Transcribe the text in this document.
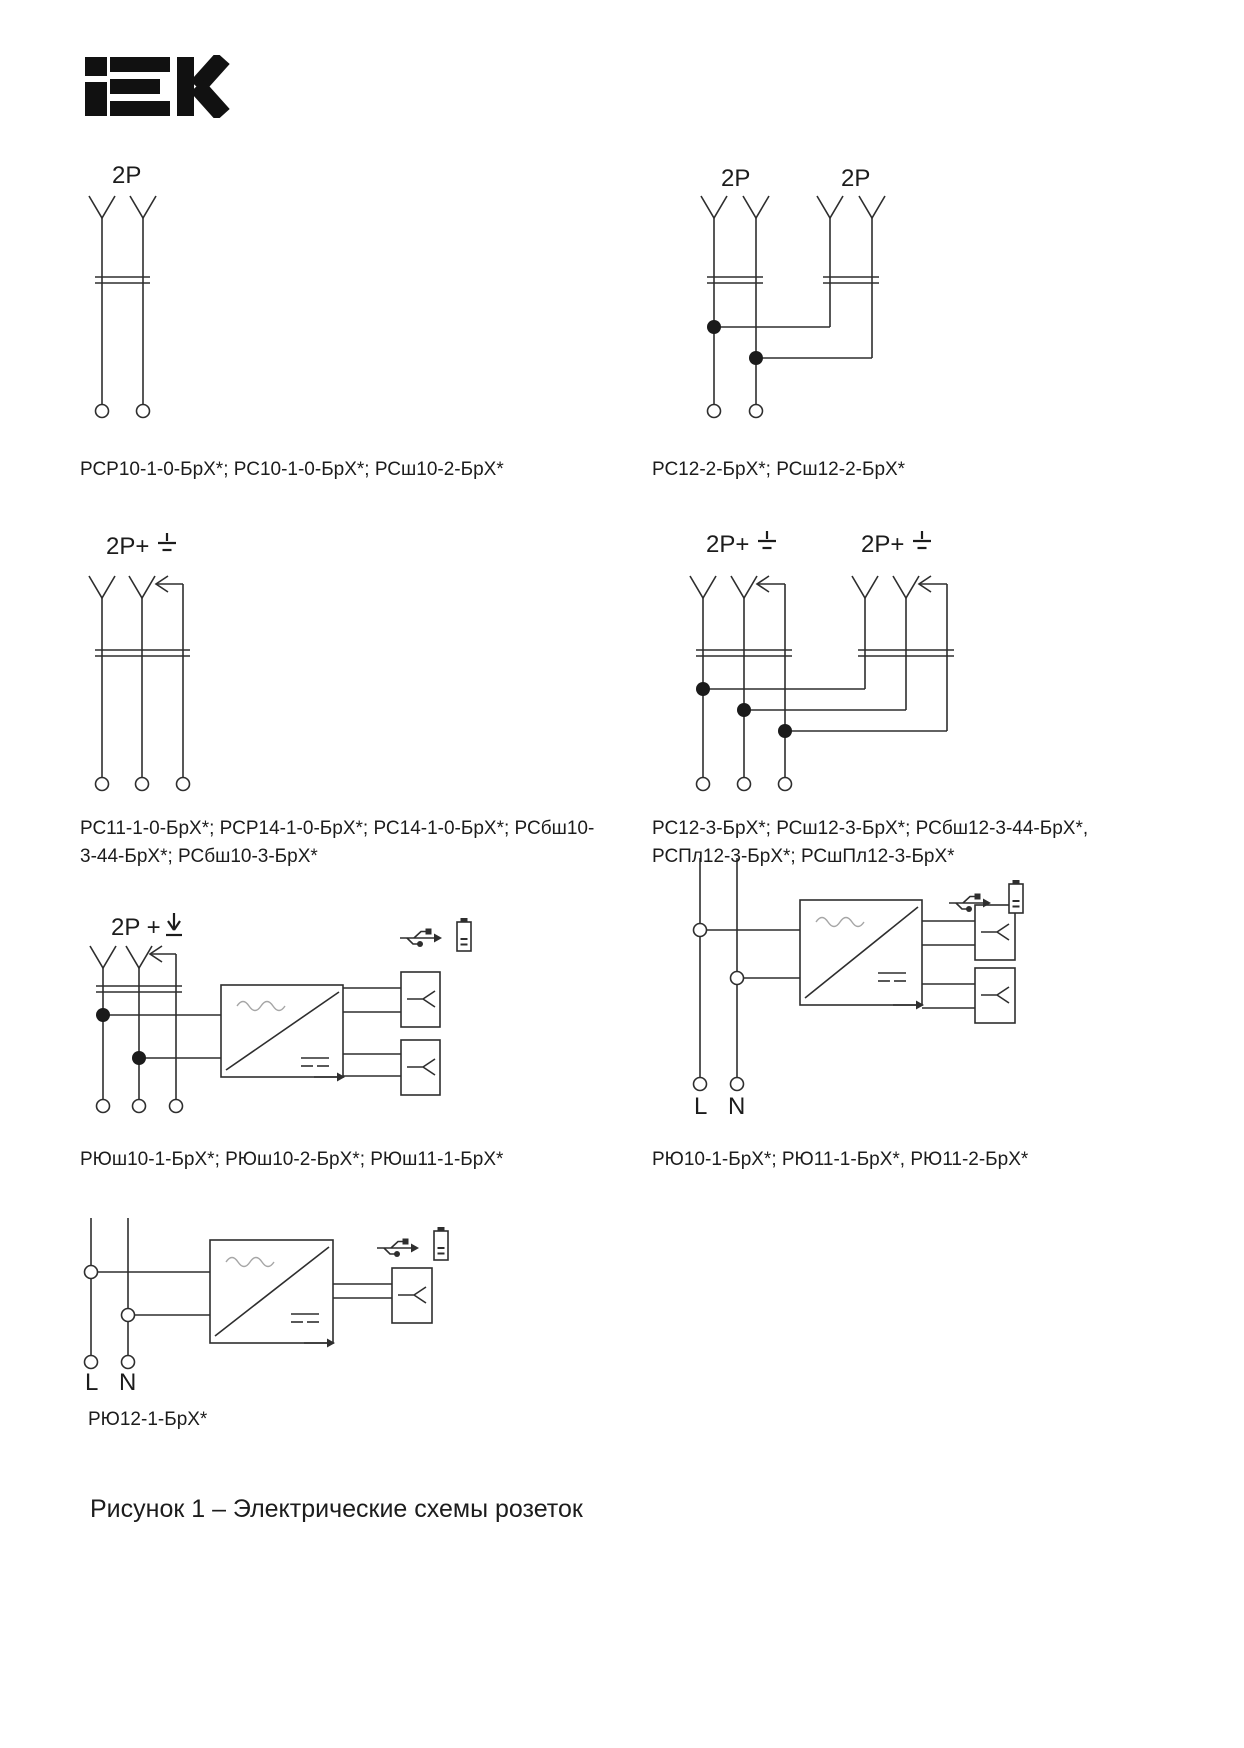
2P	2P	2P
2P+	2P+	2P+
2P +
L N
L N
РСР10-1-0-БрХ*; РС10-1-0-БрХ*; РСш10-2-БрХ*	РС12-2-БрХ*; РСш12-2-БрХ*
РС11-1-0-БрХ*; РСР14-1-0-БрХ*; РС14-1-0-БрХ*; РСбш10-
3-44-БрХ*; РСбш10-3-БрХ*
РС12-3-БрХ*; РСш12-3-БрХ*; РСбш12-3-44-БрХ*,
РСПл12-3-БрХ*; РСшПл12-3-БрХ*
РЮш10-1-БрХ*; РЮш10-2-БрХ*; РЮш11-1-БрХ*	РЮ10-1-БрХ*; РЮ11-1-БрХ*, РЮ11-2-БрХ*
РЮ12-1-БрХ*
Рисунок 1 – Электрические схемы розеток
